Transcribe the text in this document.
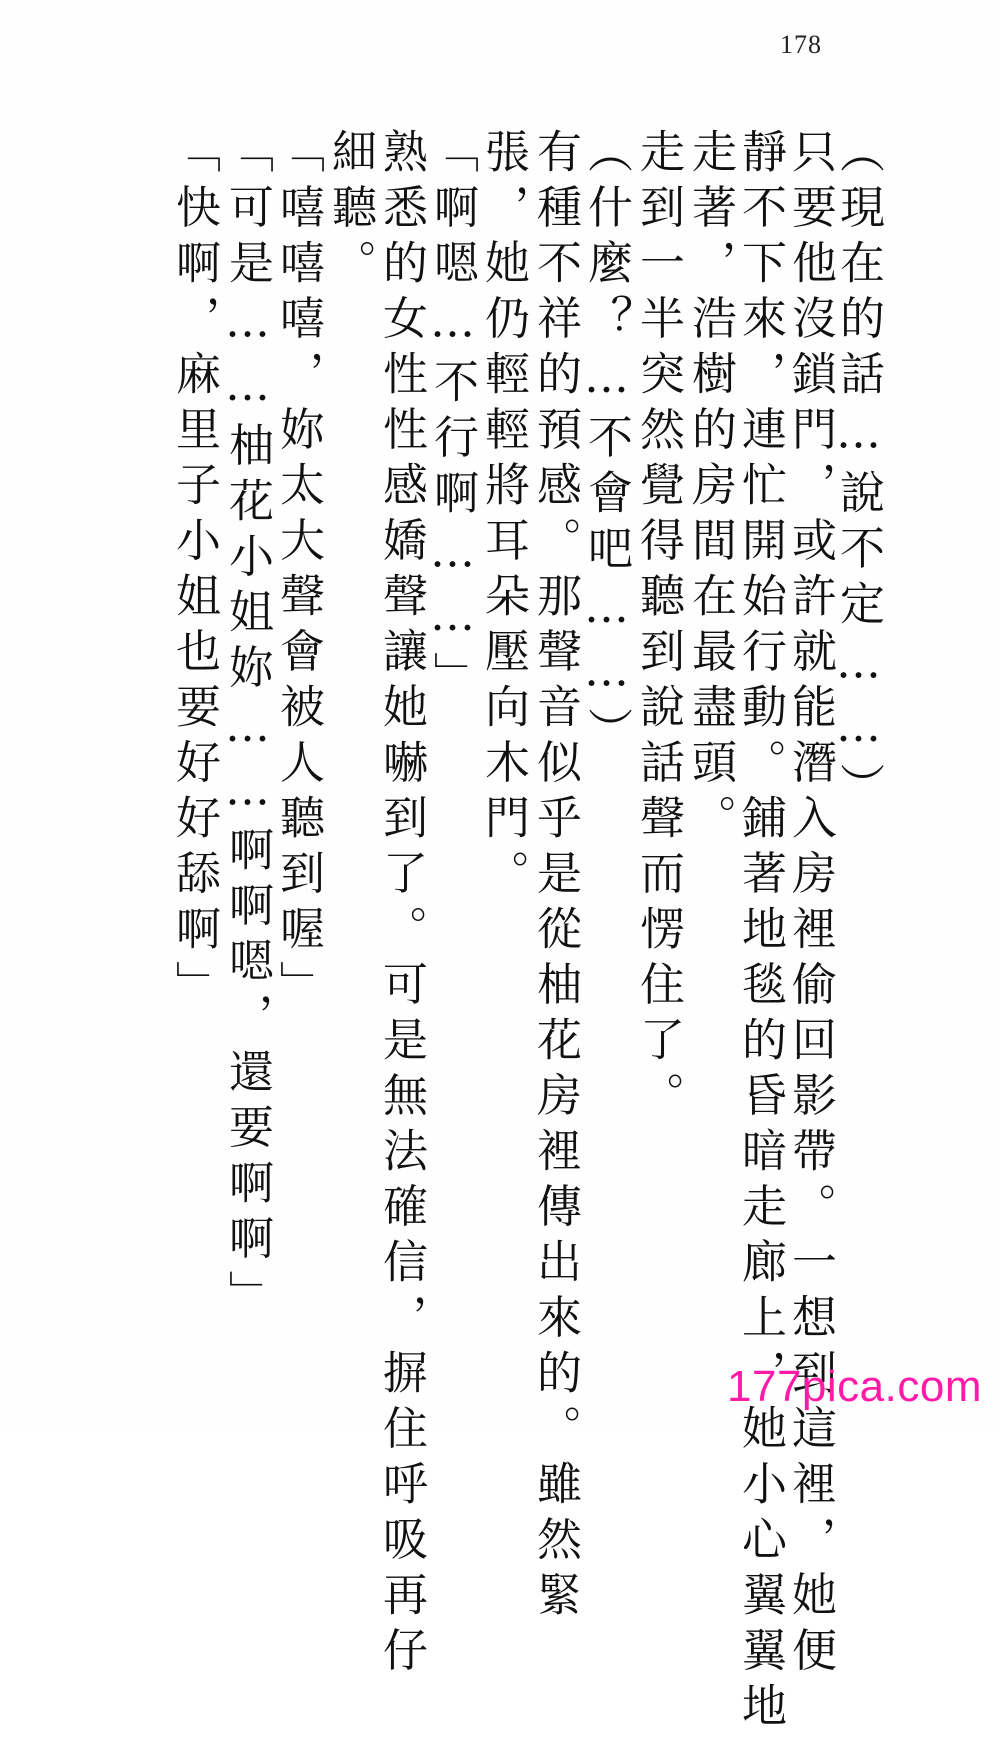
178
（現在的話…說不定……）
只要他沒鎖門，或許就能潛入房裡偷回影帶。一想到這裡，她便
靜不下來，連忙開始行動。鋪著地毯的昏暗走廊上，她小心翼翼地
走著，浩樹的房間在最盡頭。
走到一半突然覺得聽到說話聲而愣住了。
（什麼？…不會吧……）
有種不祥的預感。那聲音似乎是從柚花房裡傳出來的。雖然緊
張，她仍輕輕將耳朵壓向木門。
「啊嗯…不行啊……」
熟悉的女性性感嬌聲讓她嚇到了。可是無法確信，摒住呼吸再仔
細聽。
「嘻嘻嘻，妳太大聲會被人聽到喔」
「可是……柚花小姐妳……啊啊嗯，還要啊啊」
「快啊，麻里子小姐也要好好舔啊」
177pica.com
